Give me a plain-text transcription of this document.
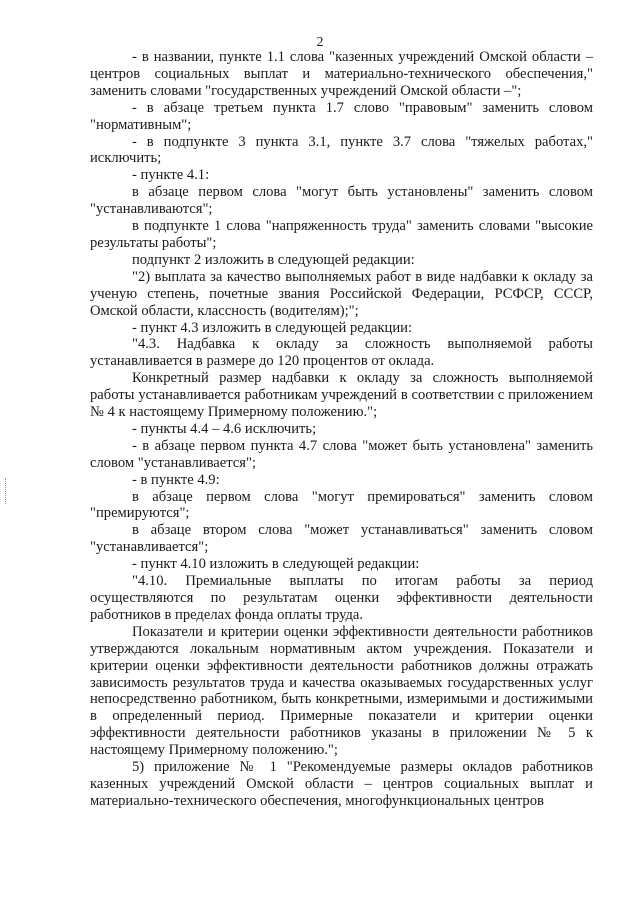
2

- в названии, пункте 1.1 слова "казенных учреждений Омской области – центров социальных выплат и материально-технического обеспечения," заменить словами "государственных учреждений Омской области –";

- в абзаце третьем пункта 1.7 слово "правовым" заменить словом "нормативным";

- в подпункте 3 пункта 3.1, пункте 3.7 слова "тяжелых работах," исключить;

- пункте 4.1:

в абзаце первом слова "могут быть установлены" заменить словом "устанавливаются";

в подпункте 1 слова "напряженность труда" заменить словами "высокие результаты работы";

подпункт 2 изложить в следующей редакции:

"2) выплата за качество выполняемых работ в виде надбавки к окладу за ученую степень, почетные звания Российской Федерации, РСФСР, СССР, Омской области, классность (водителям);";

- пункт 4.3 изложить в следующей редакции:

"4.3. Надбавка к окладу за сложность выполняемой работы устанавливается в размере до 120 процентов от оклада.

Конкретный размер надбавки к окладу за сложность выполняемой работы устанавливается работникам учреждений в соответствии с приложением № 4 к настоящему Примерному положению.";

- пункты 4.4 – 4.6 исключить;

- в абзаце первом пункта 4.7 слова "может быть установлена" заменить словом "устанавливается";

- в пункте 4.9:

в абзаце первом слова "могут премироваться" заменить словом "премируются";

в абзаце втором слова "может устанавливаться" заменить словом "устанавливается";

- пункт 4.10 изложить в следующей редакции:

"4.10. Премиальные выплаты по итогам работы за период осуществляются по результатам оценки эффективности деятельности работников в пределах фонда оплаты труда.

Показатели и критерии оценки эффективности деятельности работников утверждаются локальным нормативным актом учреждения. Показатели и критерии оценки эффективности деятельности работников должны отражать зависимость результатов труда и качества оказываемых государственных услуг непосредственно работником, быть конкретными, измеримыми и достижимыми в определенный период. Примерные показатели и критерии оценки эффективности деятельности работников указаны в приложении № 5 к настоящему Примерному положению.";

5) приложение № 1 "Рекомендуемые размеры окладов работников казенных учреждений Омской области – центров социальных выплат и материально-технического обеспечения, многофункциональных центров
